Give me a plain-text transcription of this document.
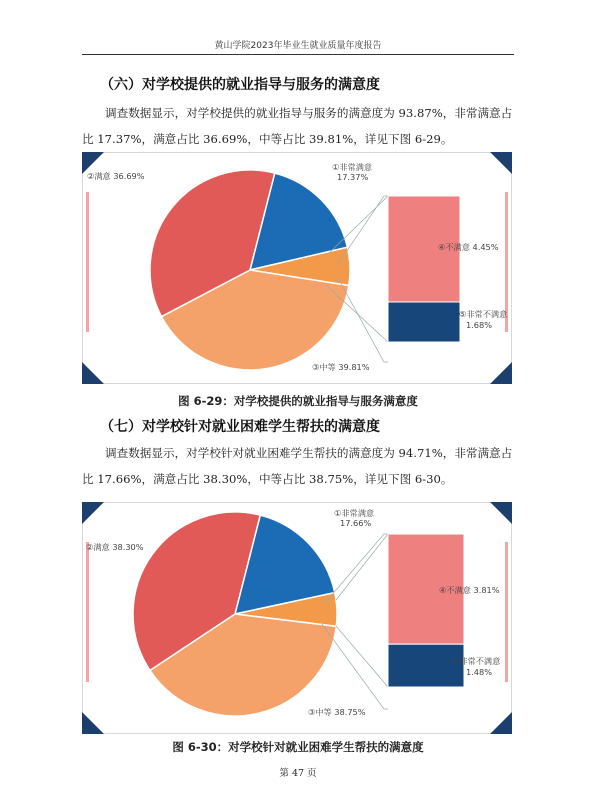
黄山学院2023年毕业生就业质量年度报告
（六）对学校提供的就业指导与服务的满意度
调查数据显示，对学校提供的就业指导与服务的满意度为 93.87%，非常满意占
比 17.37%，满意占比 36.69%，中等占比 39.81%，详见下图 6-29。
①非常满意
17.37%
②满意 36.69%
③中等 39.81%
④不满意 4.45%
⑤非常不满意
1.68%
图 6-29：对学校提供的就业指导与服务满意度
（七）对学校针对就业困难学生帮扶的满意度
调查数据显示，对学校针对就业困难学生帮扶的满意度为 94.71%，非常满意占
比 17.66%，满意占比 38.30%，中等占比 38.75%，详见下图 6-30。
①非常满意
17.66%
②满意 38.30%
③中等 38.75%
④不满意 3.81%
⑤非常不满意
1.48%
图 6-30：对学校针对就业困难学生帮扶的满意度
第 47 页
